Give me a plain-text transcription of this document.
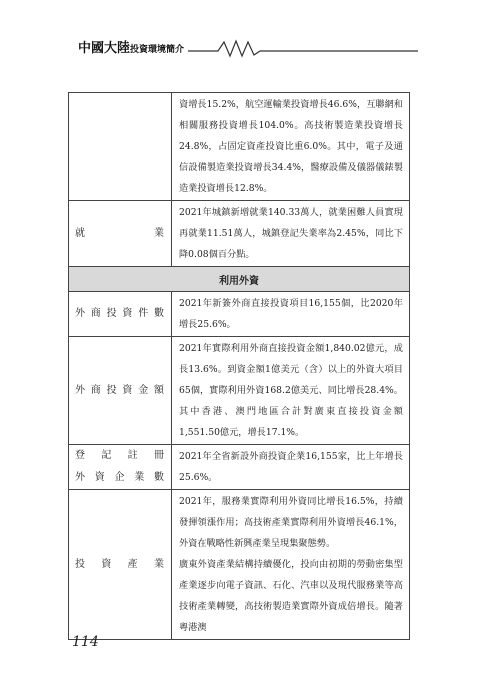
中國大陸投資環境簡介
	資增長15.2%，航空運輸業投資增長46.6%，互聯網和相關服務投資增長104.0%。高技術製造業投資增長24.8%，占固定資產投資比重6.0%。其中，電子及通信設備製造業投資增長34.4%，醫療設備及儀器儀錶製造業投資增長12.8%。

就　　　業	2021年城鎮新增就業140.33萬人，就業困難人員實現再就業11.51萬人，城鎮登記失業率為2.45%，同比下降0.08個百分點。
利用外資	

外商投資件數	2021年新簽外商直接投資項目16,155個，比2020年增長25.6%。

外商投資金額	2021年實際利用外商直接投資金額1,840.02億元，成長13.6%。到資金額1億美元（含）以上的外資大項目65個，實際利用外資168.2億美元、同比增長28.4%。其中香港、澳門地區合計對廣東直接投資金額1,551.50億元，增長17.1%。

登記註冊
外資企業數	2021年全省新設外商投資企業16,155家，比上年增長25.6%。

投資產業	2021年，服務業實際利用外資同比增長16.5%，持續發揮領漲作用；高技術產業實際利用外資增長46.1%，外資在戰略性新興產業呈現集聚態勢。

廣東外資產業結構持續優化，投向由初期的勞動密集型產業逐步向電子資訊、石化、汽車以及現代服務業等高技術產業轉變，高技術製造業實際外資成倍增長。隨著粵港澳

114
